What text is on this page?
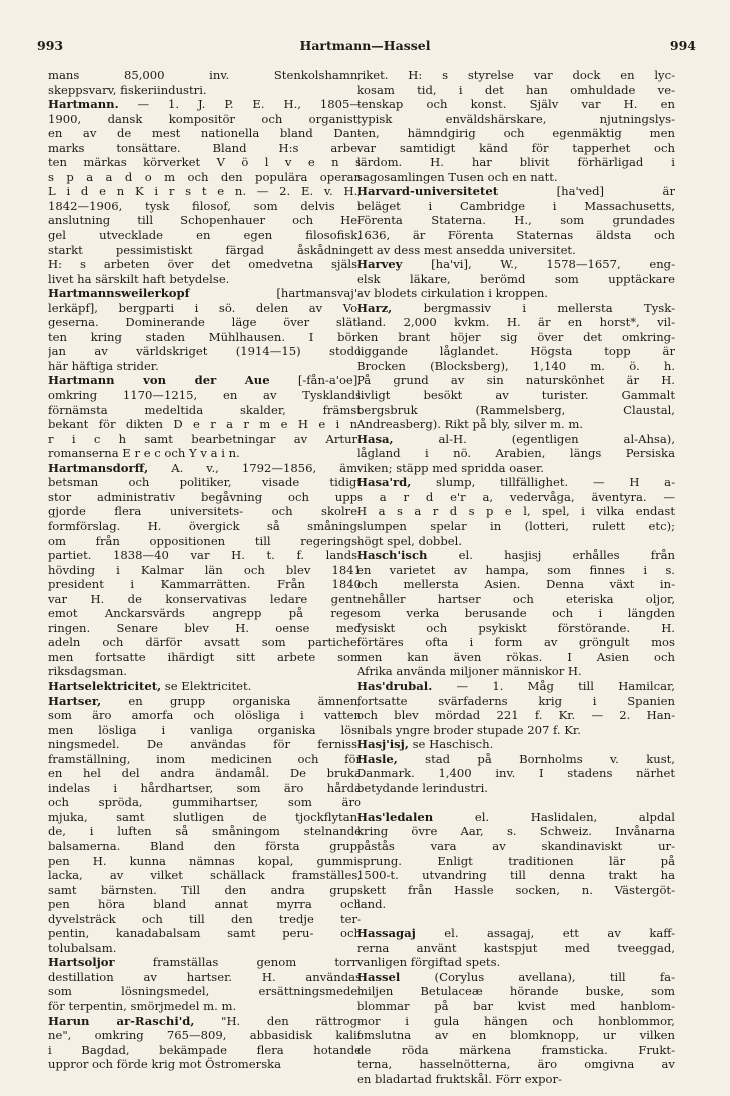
993	Hartmann—Hassel	994
mans 85,000 inv. Stenkolshamn,
skeppsvarv, fiskeriindustri.
Hartmann. — 1. J. P. E. H., 1805—
1900, dansk kompositör och organist,
en av de mest nationella bland Dan-
marks tonsättare. Bland H:s arbe-
ten märkas körverket V ö l v e n s
s p a a d o m och den populära operan
L i d e n K i r s t e n. — 2. E. v. H.,
1842—1906, tysk filosof, som delvis i
anslutning till Schopenhauer och He-
gel utvecklade en egen filosofisk,
starkt pessimistiskt färgad åskådning.
H: s arbeten över det omedvetna själs-
livet ha särskilt haft betydelse.
Hartmannsweilerkopf [hartmansvaj'-
lerkäpf], bergparti i sö. delen av Vo-
geserna. Dominerande läge över slät-
ten kring staden Mühlhausen. I bör-
jan av världskriget (1914—15) stodo
här häftiga strider.
Hartmann von der Aue [-fån-a'oe],
omkring 1170—1215, en av Tysklands
förnämsta medeltida skalder, främst
bekant för dikten D e r a r m e H e i n-
r i c h samt bearbetningar av Artur-
romanserna E r e c och Y v a i n.
Hartmansdorff, A. v., 1792—1856, äm-
betsman och politiker, visade tidigt
stor administrativ begåvning och upp-
gjorde flera universitets- och skolre-
formförslag. H. övergick så småning-
om från oppositionen till regerings-
partiet. 1838—40 var H. t. f. lands-
hövding i Kalmar län och blev 1841
president i Kammarrätten. Från 1840
var H. de konservativas ledare gent-
emot Anckarsvärds angrepp på rege-
ringen. Senare blev H. oense med
adeln och därför avsatt som partichef
men fortsatte ihärdigt sitt arbete som
riksdagsman.
Hartselektricitet, se Elektricitet.
Hartser, en grupp organiska ämnen,
som äro amorfa och olösliga i vatten
men lösliga i vanliga organiska lös-
ningsmedel. De användas för ferniss-
framställning, inom medicinen och för
en hel del andra ändamål. De bruka
indelas i hårdhartser, som äro hårda
och spröda, gummihartser, som äro
mjuka, samt slutligen de tjockflytan-
de, i luften så småningom stelnande
balsamerna. Bland den första grup-
pen H. kunna nämnas kopal, gummi-
lacka, av vilket schällack framställes,
samt bärnsten. Till den andra grup-
pen höra bland annat myrra och
dyvelsträck och till den tredje ter-
pentin, kanadabalsam samt peru- och
tolubalsam.
Hartsoljor framställas genom torr-
destillation av hartser. H. användas
som lösningsmedel, ersättningsmedel
för terpentin, smörjmedel m. m.
Harun ar-Raschi'd, "H. den rättrog-
ne", omkring 765—809, abbasidisk kalif
i Bagdad, bekämpade flera hotande
uppror och förde krig mot Östromerska
riket. H: s styrelse var dock en lyc-
kosam tid, i det han omhuldade ve-
tenskap och konst. Själv var H. en
typisk enväldshärskare, njutningslys-
ten, hämndgirig och egenmäktig men
var samtidigt känd för tapperhet och
lärdom. H. har blivit förhärligad i
sagosamlingen Tusen och en natt.
Harvard-universitetet [ha'ved] är
beläget i Cambridge i Massachusetts,
Förenta Staterna. H., som grundades
1636, är Förenta Staternas äldsta och
ett av dess mest ansedda universitet.
Harvey [ha'vi], W., 1578—1657, eng-
elsk läkare, berömd som upptäckare
av blodets cirkulation i kroppen.
Harz, bergmassiv i mellersta Tysk-
land. 2,000 kvkm. H. är en horst*, vil-
ken brant höjer sig över det omkring-
liggande låglandet. Högsta topp är
Brocken (Blocksberg), 1,140 m. ö. h.
På grund av sin naturskönhet är H.
livligt besökt av turister. Gammalt
bergsbruk (Rammelsberg, Claustal,
Andreasberg). Rikt på bly, silver m. m.
Hasa, al-H. (egentligen al-Ahsa),
lågland i nö. Arabien, längs Persiska
viken; stäpp med spridda oaser.
Hasa'rd, slump, tillfällighet. — H a-
s a r d e'r a, vedervåga, äventyra. —
H a s a r d s p e l, spel, i vilka endast
slumpen spelar in (lotteri, rulett etc);
högt spel, dobbel.
Hasch'isch el. hasjisj erhålles från
en varietet av hampa, som finnes i s.
och mellersta Asien. Denna växt in-
nehåller hartser och eteriska oljor,
som verka berusande och i längden
fysiskt och psykiskt förstörande. H.
förtäres ofta i form av gröngult mos
men kan även rökas. I Asien och
Afrika använda miljoner människor H.
Has'drubal. — 1. Måg till Hamilcar,
fortsatte svärfaderns krig i Spanien
och blev mördad 221 f. Kr. — 2. Han-
nibals yngre broder stupade 207 f. Kr.
Hasj'isj, se Haschisch.
Hasle, stad på Bornholms v. kust,
Danmark. 1,400 inv. I stadens närhet
betydande lerindustri.
Has'ledalen el. Haslidalen, alpdal
kring övre Aar, s. Schweiz. Invånarna
påstås vara av skandinaviskt ur-
sprung. Enligt traditionen lär på
1500-t. utvandring till denna trakt ha
skett från Hassle socken, n. Västergöt-
land.
Hassagaj el. assagaj, ett av kaff-
rerna använt kastspjut med tveeggad,
vanligen förgiftad spets.
Hassel (Corylus avellana), till fa-
miljen Betulaceæ hörande buske, som
blommar på bar kvist med hanblom-
mor i gula hängen och honblommor,
omslutna av en blomknopp, ur vilken
de röda märkena framsticka. Frukt-
terna, hasselnötterna, äro omgivna av
en bladartad fruktskål. Förr expor-
